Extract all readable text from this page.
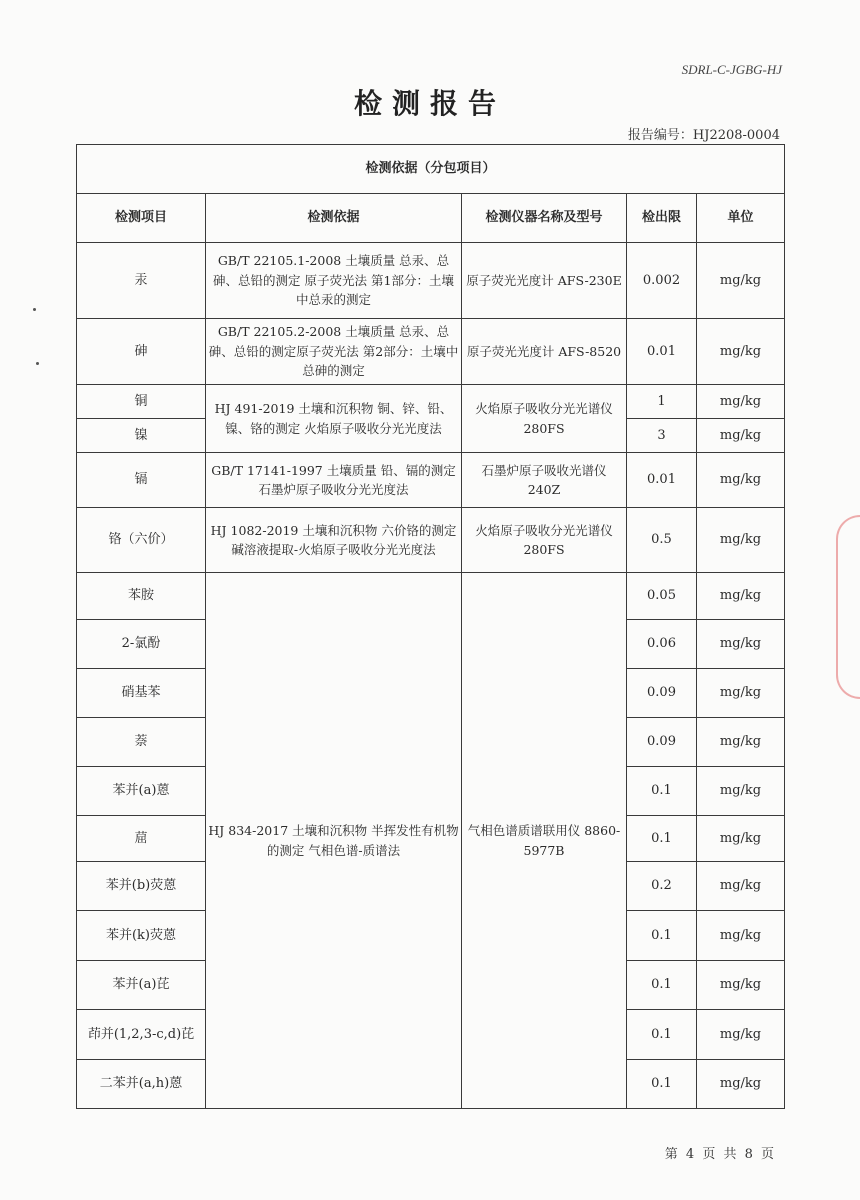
SDRL-C-JGBG-HJ
检测报告
报告编号：HJ2208-0004
检测依据（分包项目）				
检测项目	检测依据	检测仪器名称及型号	检出限	单位
汞	GB/T 22105.1-2008 土壤质量 总汞、总砷、总铅的测定 原子荧光法 第1部分：土壤中总汞的测定	原子荧光光度计 AFS-230E	0.002	mg/kg
砷	GB/T 22105.2-2008 土壤质量 总汞、总砷、总铅的测定原子荧光法 第2部分：土壤中总砷的测定	原子荧光光度计 AFS-8520	0.01	mg/kg
铜	HJ 491-2019 土壤和沉积物 铜、锌、铅、镍、铬的测定 火焰原子吸收分光光度法	火焰原子吸收分光光谱仪 280FS	1	mg/kg
镍			3	mg/kg
镉	GB/T 17141-1997 土壤质量 铅、镉的测定 石墨炉原子吸收分光光度法	石墨炉原子吸收光谱仪 240Z	0.01	mg/kg
铬（六价）	HJ 1082-2019 土壤和沉积物 六价铬的测定 碱溶液提取-火焰原子吸收分光光度法	火焰原子吸收分光光谱仪 280FS	0.5	mg/kg
苯胺	HJ 834-2017 土壤和沉积物 半挥发性有机物的测定 气相色谱-质谱法	气相色谱质谱联用仪 8860-5977B	0.05	mg/kg
2-氯酚			0.06	mg/kg
硝基苯			0.09	mg/kg
萘			0.09	mg/kg
苯并(a)蒽			0.1	mg/kg
䓛			0.1	mg/kg
苯并(b)荧蒽			0.2	mg/kg
苯并(k)荧蒽			0.1	mg/kg
苯并(a)芘			0.1	mg/kg
茚并(1,2,3-c,d)芘			0.1	mg/kg
二苯并(a,h)蒽			0.1	mg/kg
第 4 页 共 8 页
